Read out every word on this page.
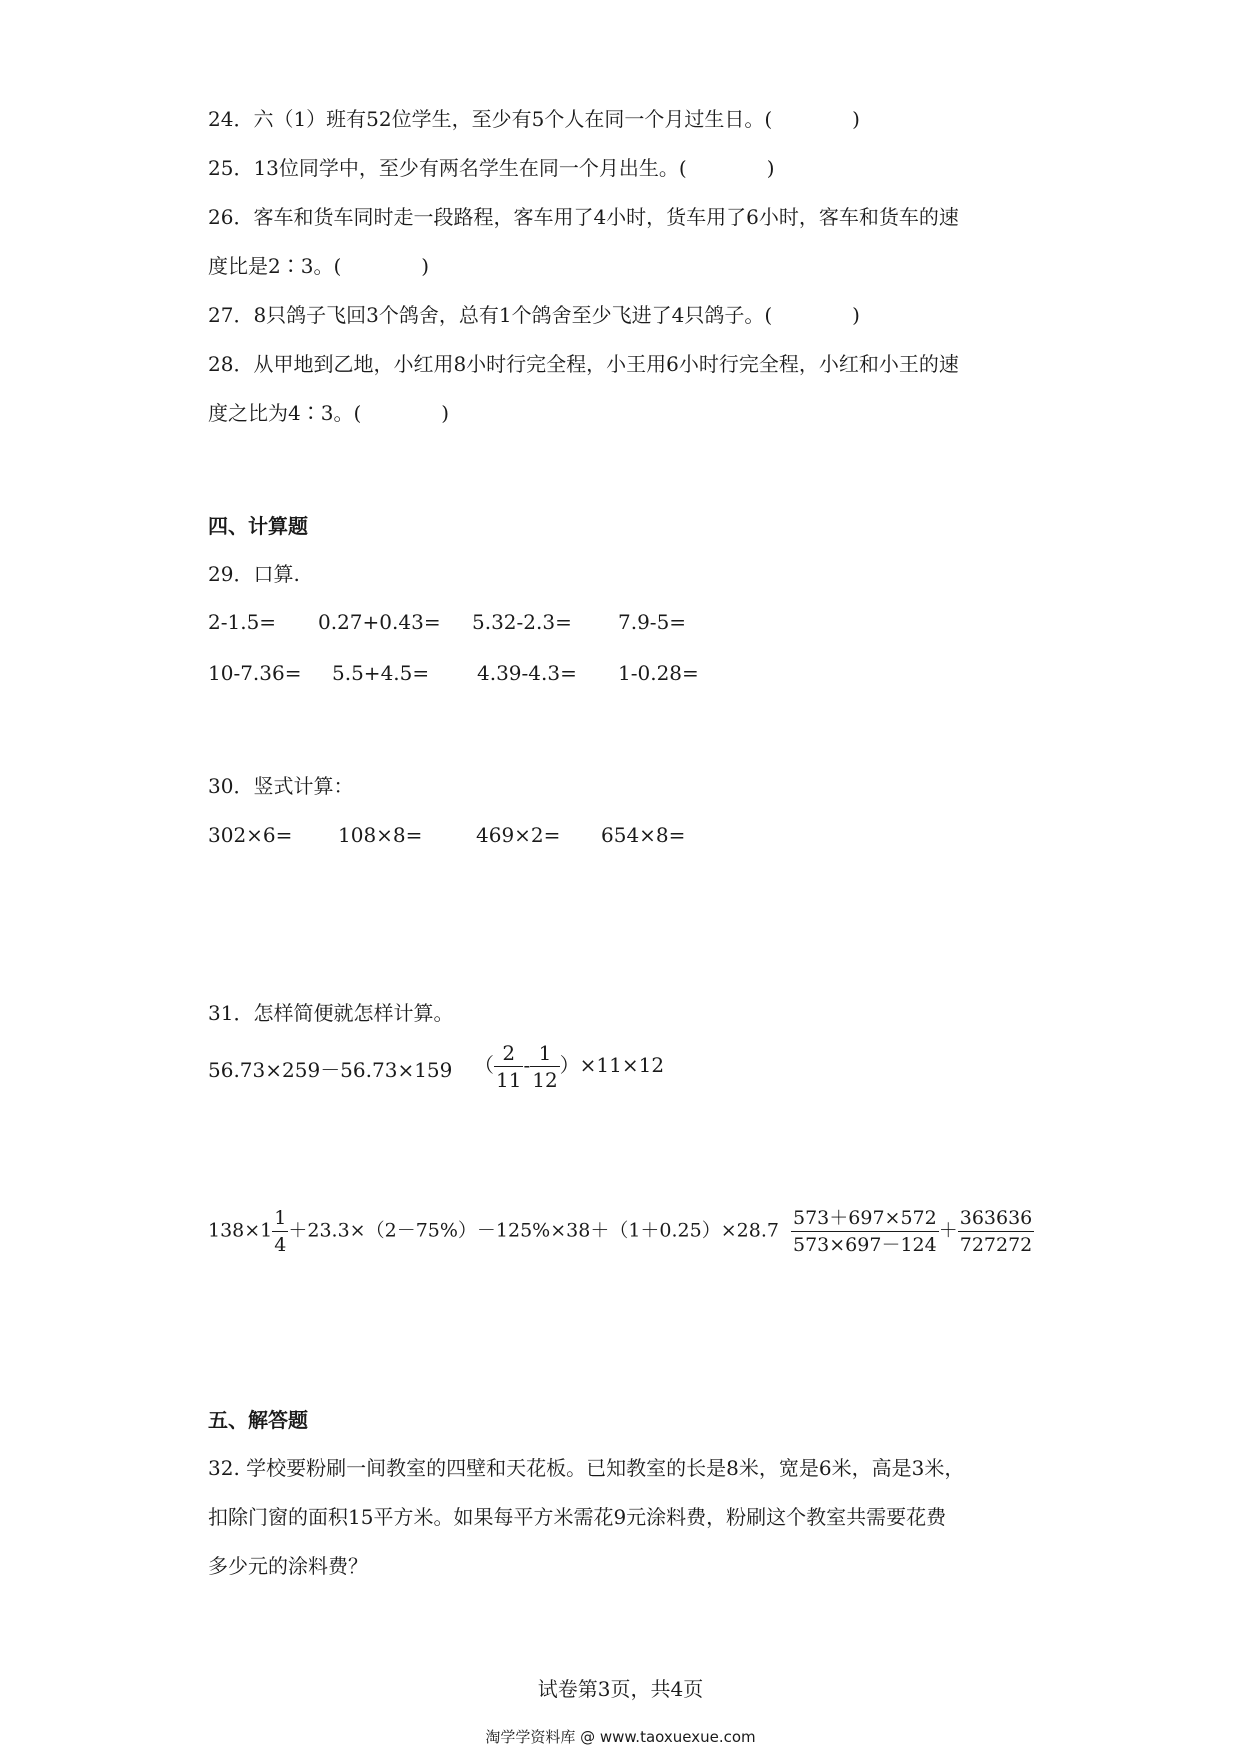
24．六（1）班有52位学生，至少有5个人在同一个月过生日。(　　　　)
25．13位同学中，至少有两名学生在同一个月出生。(　　　　)
26．客车和货车同时走一段路程，客车用了4小时，货车用了6小时，客车和货车的速
度比是2∶3。(　　　　)
27．8只鸽子飞回3个鸽舍，总有1个鸽舍至少飞进了4只鸽子。(　　　　)
28．从甲地到乙地，小红用8小时行完全程，小王用6小时行完全程，小红和小王的速
度之比为4∶3。(　　　　)
四、计算题
29．口算.
2-1.5= 0.27+0.43= 5.32-2.3= 7.9-5=
10-7.36= 5.5+4.5= 4.39-4.3= 1-0.28=
30．竖式计算：
302×6= 108×8=	469×2= 654×8=
31．怎样简便就怎样计算。
56.73×259－56.73×159 （ $\frac{2}{11} - \frac{1}{12} )\times 11\times 12$
$138\times 1 \frac{1}{4} +23.3\times(2-75\%)-125\%\times 38+(1+0.25)\times 28.7 \frac{573+697\times 572}{573\times 697-124} + \frac{363636}{727272}$
五、解答题
32. 学校要粉刷一间教室的四壁和天花板。已知教室的长是8米，宽是6米，高是3米，
扣除门窗的面积15平方米。如果每平方米需花9元涂料费，粉刷这个教室共需要花费
多少元的涂料费？
试卷第3页，共4页
淘学学资料库 @ www.taoxuexue.com
